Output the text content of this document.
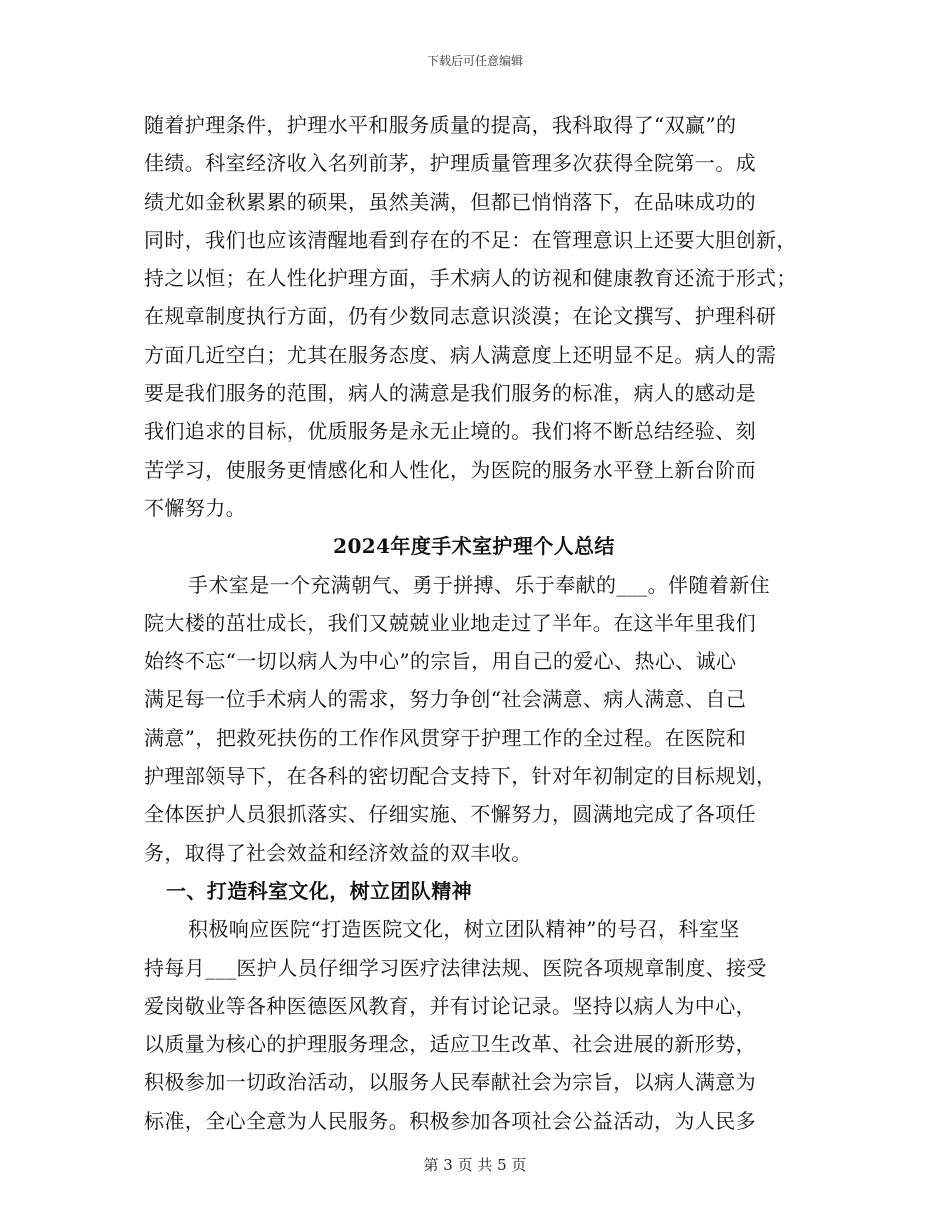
下载后可任意编辑
随着护理条件，护理水平和服务质量的提高，我科取得了“双赢”的
佳绩。科室经济收入名列前茅，护理质量管理多次获得全院第一。成
绩尤如金秋累累的硕果，虽然美满，但都已悄悄落下，在品味成功的
同时，我们也应该清醒地看到存在的不足：在管理意识上还要大胆创新，
持之以恒；在人性化护理方面，手术病人的访视和健康教育还流于形式；
在规章制度执行方面，仍有少数同志意识淡漠；在论文撰写、护理科研
方面几近空白；尤其在服务态度、病人满意度上还明显不足。病人的需
要是我们服务的范围，病人的满意是我们服务的标准，病人的感动是
我们追求的目标，优质服务是永无止境的。我们将不断总结经验、刻
苦学习，使服务更情感化和人性化，为医院的服务水平登上新台阶而
不懈努力。
2024年度手术室护理个人总结
手术室是一个充满朝气、勇于拼搏、乐于奉献的___。伴随着新住
院大楼的茁壮成长，我们又兢兢业业地走过了半年。在这半年里我们
始终不忘“一切以病人为中心”的宗旨，用自己的爱心、热心、诚心
满足每一位手术病人的需求，努力争创“社会满意、病人满意、自己
满意”，把救死扶伤的工作作风贯穿于护理工作的全过程。在医院和
护理部领导下，在各科的密切配合支持下，针对年初制定的目标规划，
全体医护人员狠抓落实、仔细实施、不懈努力，圆满地完成了各项任
务，取得了社会效益和经济效益的双丰收。
一、打造科室文化，树立团队精神
积极响应医院“打造医院文化，树立团队精神”的号召，科室坚
持每月___医护人员仔细学习医疗法律法规、医院各项规章制度、接受
爱岗敬业等各种医德医风教育，并有讨论记录。坚持以病人为中心，
以质量为核心的护理服务理念，适应卫生改革、社会进展的新形势，
积极参加一切政治活动，以服务人民奉献社会为宗旨，以病人满意为
标准，全心全意为人民服务。积极参加各项社会公益活动，为人民多
第 3 页 共 5 页
